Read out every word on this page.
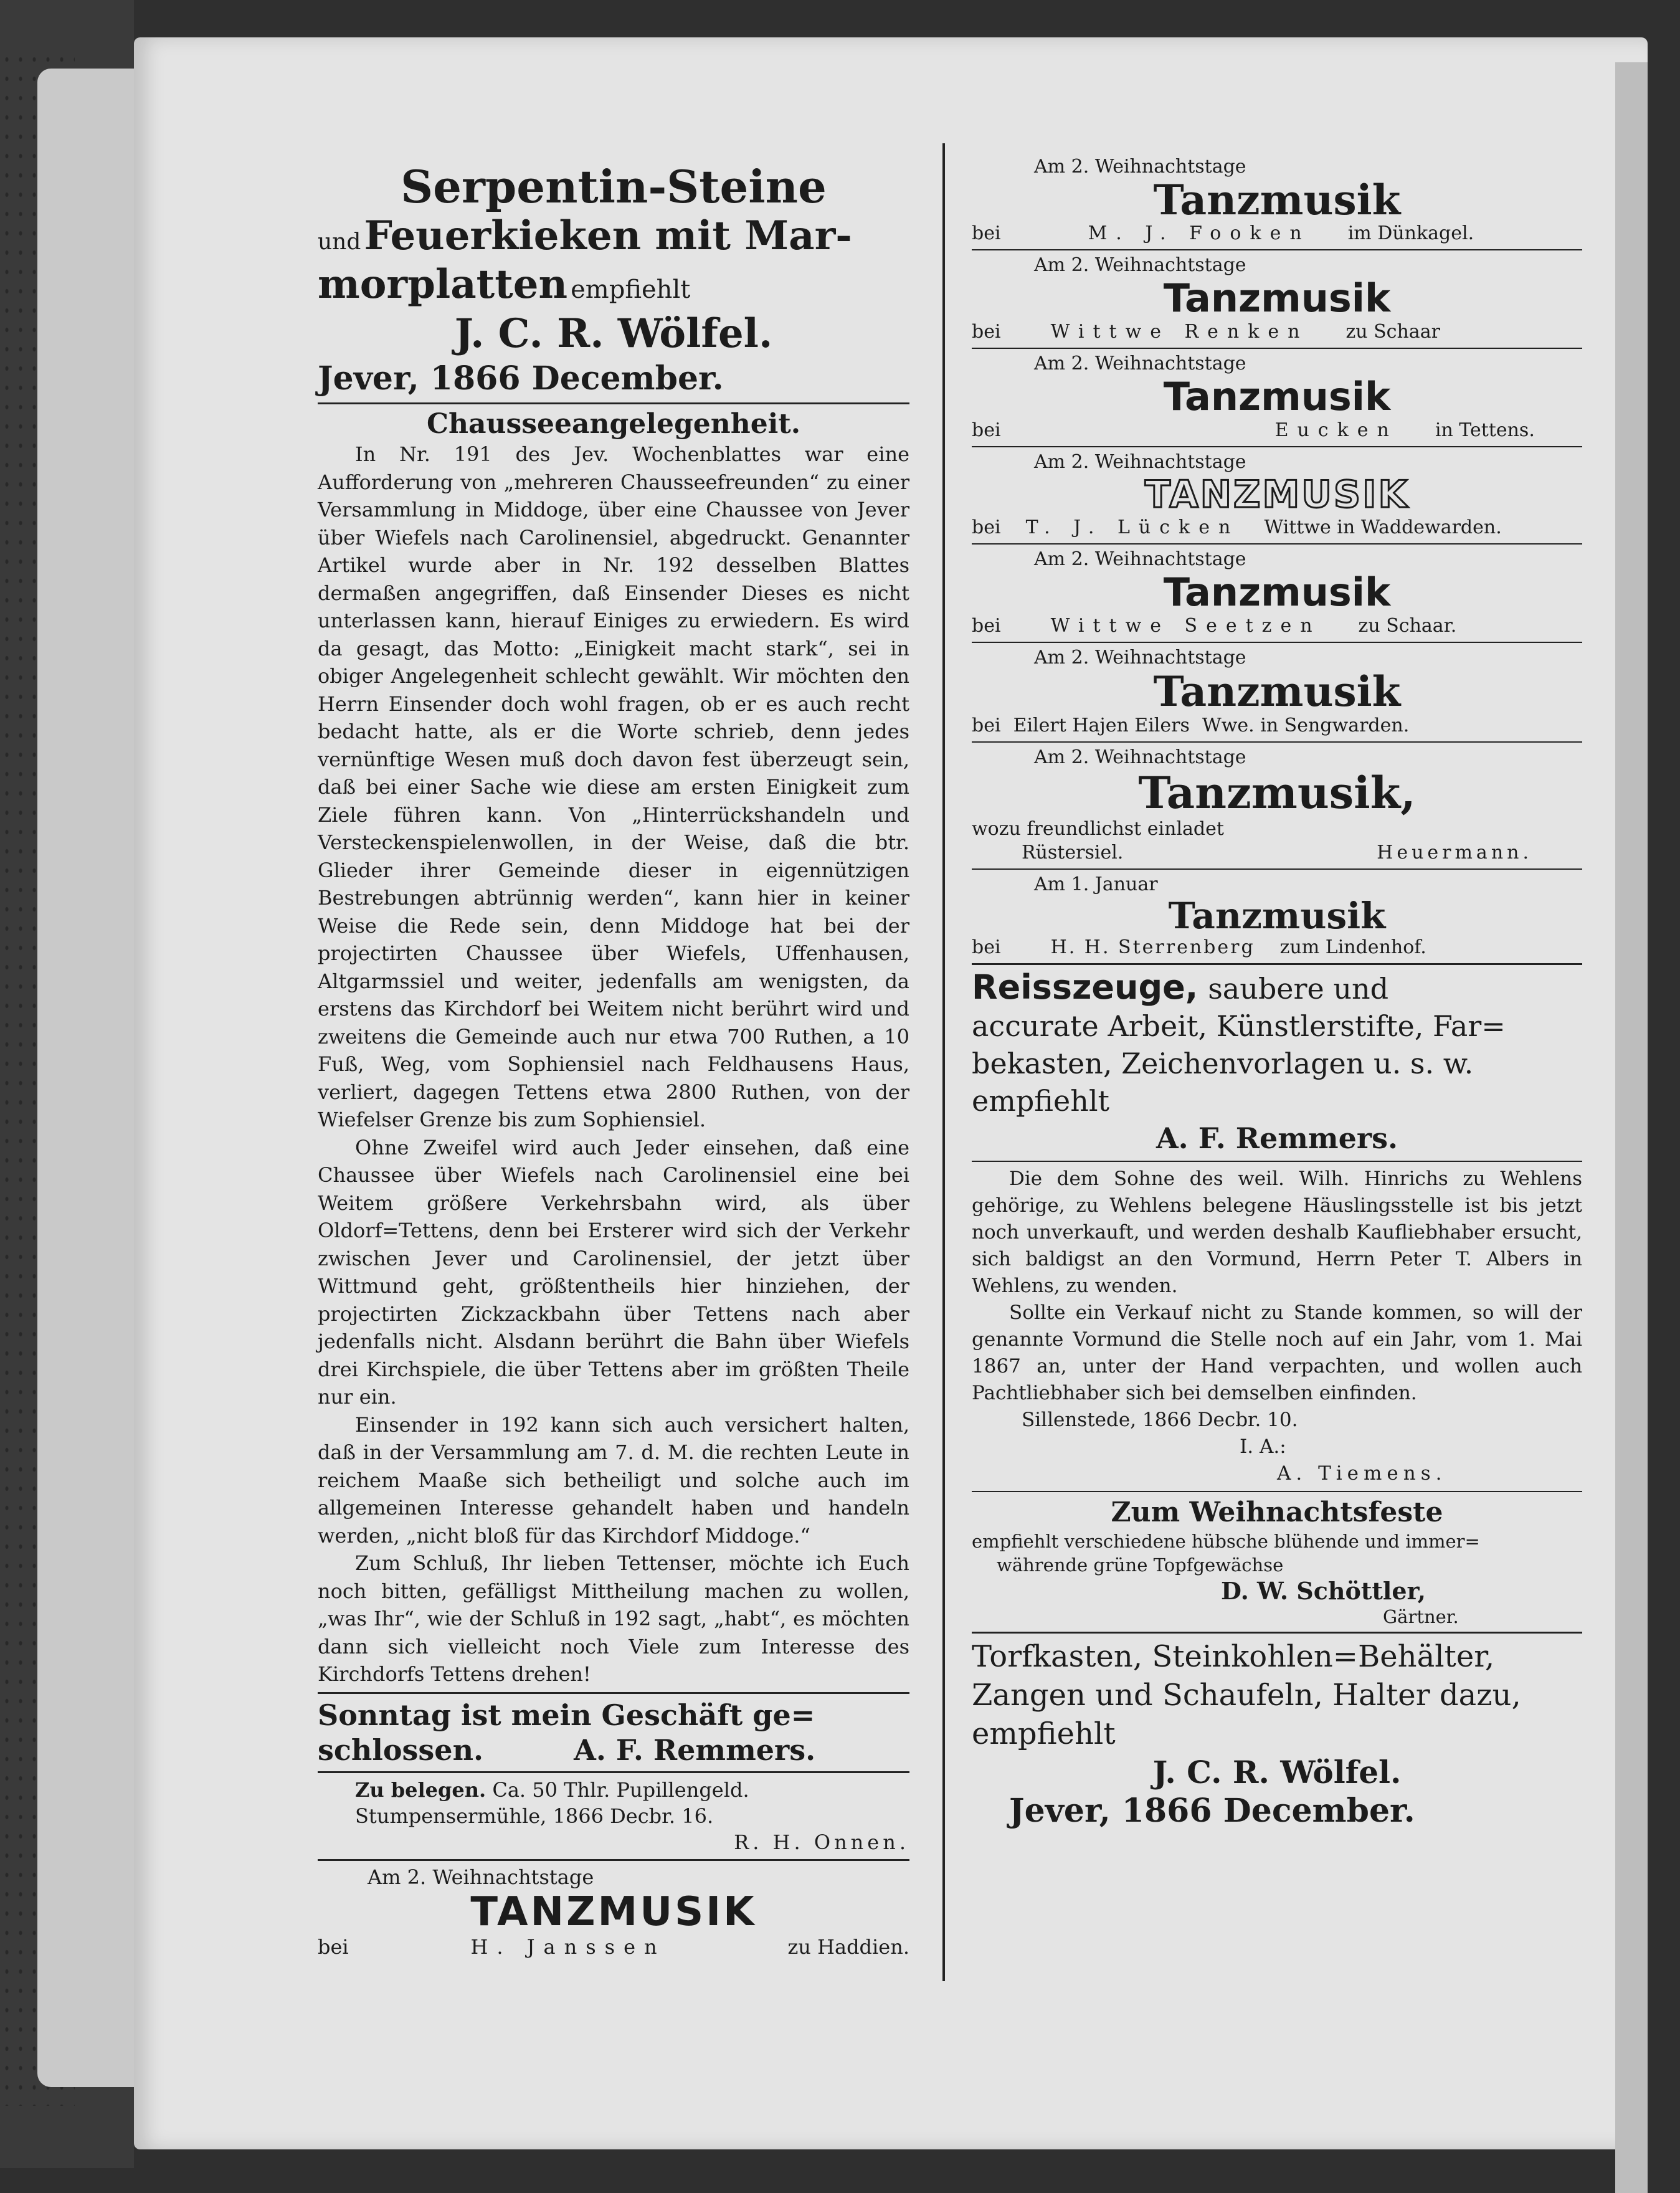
Serpentin-Steine
und Feuerkieken mit Mar-
morplatten empfiehlt
J. C. R. Wölfel.
Jever, 1866 December.
Chausseeangelegenheit.

In Nr. 191 des Jev. Wochenblattes war eine Aufforderung von „mehreren Chausseefreunden“ zu einer Versammlung in Middoge, über eine Chaussee von Jever über Wiefels nach Carolinensiel, abgedruckt. Genannter Artikel wurde aber in Nr. 192 desselben Blattes dermaßen angegriffen, daß Einsender Dieses es nicht unterlassen kann, hierauf Einiges zu erwiedern. Es wird da gesagt, das Motto: „Einigkeit macht stark“, sei in obiger Angelegenheit schlecht gewählt. Wir möchten den Herrn Einsender doch wohl fragen, ob er es auch recht bedacht hatte, als er die Worte schrieb, denn jedes vernünftige Wesen muß doch davon fest überzeugt sein, daß bei einer Sache wie diese am ersten Einigkeit zum Ziele führen kann. Von „Hinterrückshandeln und Versteckenspielenwollen, in der Weise, daß die btr. Glieder ihrer Gemeinde dieser in eigennützigen Bestrebungen abtrünnig werden“, kann hier in keiner Weise die Rede sein, denn Middoge hat bei der projectirten Chaussee über Wiefels, Uffenhausen, Altgarmssiel und weiter, jedenfalls am wenigsten, da erstens das Kirchdorf bei Weitem nicht berührt wird und zweitens die Gemeinde auch nur etwa 700 Ruthen, a 10 Fuß, Weg, vom Sophiensiel nach Feldhausens Haus, verliert, dagegen Tettens etwa 2800 Ruthen, von der Wiefelser Grenze bis zum Sophiensiel.

Ohne Zweifel wird auch Jeder einsehen, daß eine Chaussee über Wiefels nach Carolinensiel eine bei Weitem größere Verkehrsbahn wird, als über Oldorf=Tettens, denn bei Ersterer wird sich der Verkehr zwischen Jever und Carolinensiel, der jetzt über Wittmund geht, größtentheils hier hinziehen, der projectirten Zickzackbahn über Tettens nach aber jedenfalls nicht. Alsdann berührt die Bahn über Wiefels drei Kirchspiele, die über Tettens aber im größten Theile nur ein.

Einsender in 192 kann sich auch versichert halten, daß in der Versammlung am 7. d. M. die rechten Leute in reichem Maaße sich betheiligt und solche auch im allgemeinen Interesse gehandelt haben und handeln werden, „nicht bloß für das Kirchdorf Middoge.“

Zum Schluß, Ihr lieben Tettenser, möchte ich Euch noch bitten, gefälligst Mittheilung machen zu wollen, „was Ihr“, wie der Schluß in 192 sagt, „habt“, es möchten dann sich vielleicht noch Viele zum Interesse des Kirchdorfs Tettens drehen!

Sonntag ist mein Geschäft ge=
schlossen.	A. F. Remmers.
Zu belegen. Ca. 50 Thlr. Pupillengeld.
Stumpensermühle, 1866 Decbr. 16.
R. H. Onnen.
Am 2. Weihnachtstage
TANZMUSIK
bei	H. Janssen	zu Haddien.
Am 2. Weihnachtstage
Tanzmusik
bei	M. J. Fooken im Dünkagel.
Am 2. Weihnachtstage
Tanzmusik
bei	Wittwe Renken zu Schaar
Am 2. Weihnachtstage
Tanzmusik
bei	Eucken in Tettens.
Am 2. Weihnachtstage
TANZMUSIK
bei T. J. Lücken Wittwe in Waddewarden.
Am 2. Weihnachtstage
Tanzmusik
bei	Wittwe Seetzen zu Schaar.
Am 2. Weihnachtstage
Tanzmusik
bei Eilert Hajen Eilers Wwe. in Sengwarden.
Am 2. Weihnachtstage
Tanzmusik,
wozu freundlichst einladet
Rüstersiel.	Heuermann.
Am 1. Januar
Tanzmusik
bei	H. H. Sterrenberg zum Lindenhof.
Reisszeuge, saubere und
accurate Arbeit, Künstlerstifte, Far=
bekasten, Zeichenvorlagen u. s. w.
empfiehlt
A. F. Remmers.

Die dem Sohne des weil. Wilh. Hinrichs zu Wehlens gehörige, zu Wehlens belegene Häuslingsstelle ist bis jetzt noch unverkauft, und werden deshalb Kaufliebhaber ersucht, sich baldigst an den Vormund, Herrn Peter T. Albers in Wehlens, zu wenden.

Sollte ein Verkauf nicht zu Stande kommen, so will der genannte Vormund die Stelle noch auf ein Jahr, vom 1. Mai 1867 an, unter der Hand verpachten, und wollen auch Pachtliebhaber sich bei demselben einfinden.

Sillenstede, 1866 Decbr. 10.
I. A.:
A. Tiemens.
Zum Weihnachtsfeste
empfiehlt verschiedene hübsche blühende und immer=
währende grüne Topfgewächse
D. W. Schöttler,
Gärtner.
Torfkasten, Steinkohlen=Behälter,
Zangen und Schaufeln, Halter dazu,
empfiehlt
J. C. R. Wölfel.
Jever, 1866 December.
